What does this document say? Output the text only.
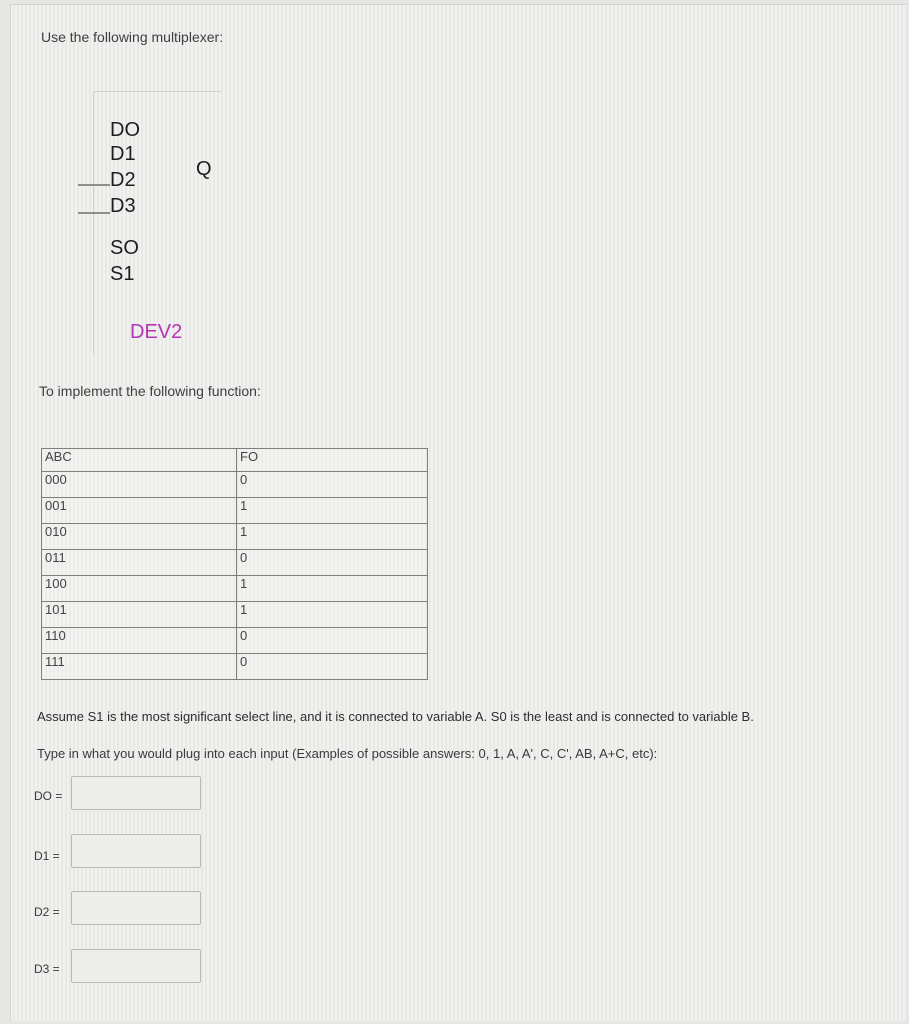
Use the following multiplexer:
DO
D1
D2
D3
SO
S1
Q
DEV2
To implement the following function:
ABC	FO
000	0
001	1
010	1
011	0
100	1
101	1
110	0
111	0
Assume S1 is the most significant select line, and it is connected to variable A. S0 is the least and is connected to variable B.
Type in what you would plug into each input (Examples of possible answers: 0, 1, A, A', C, C', AB, A+C, etc):
DO =
D1 =
D2 =
D3 =
